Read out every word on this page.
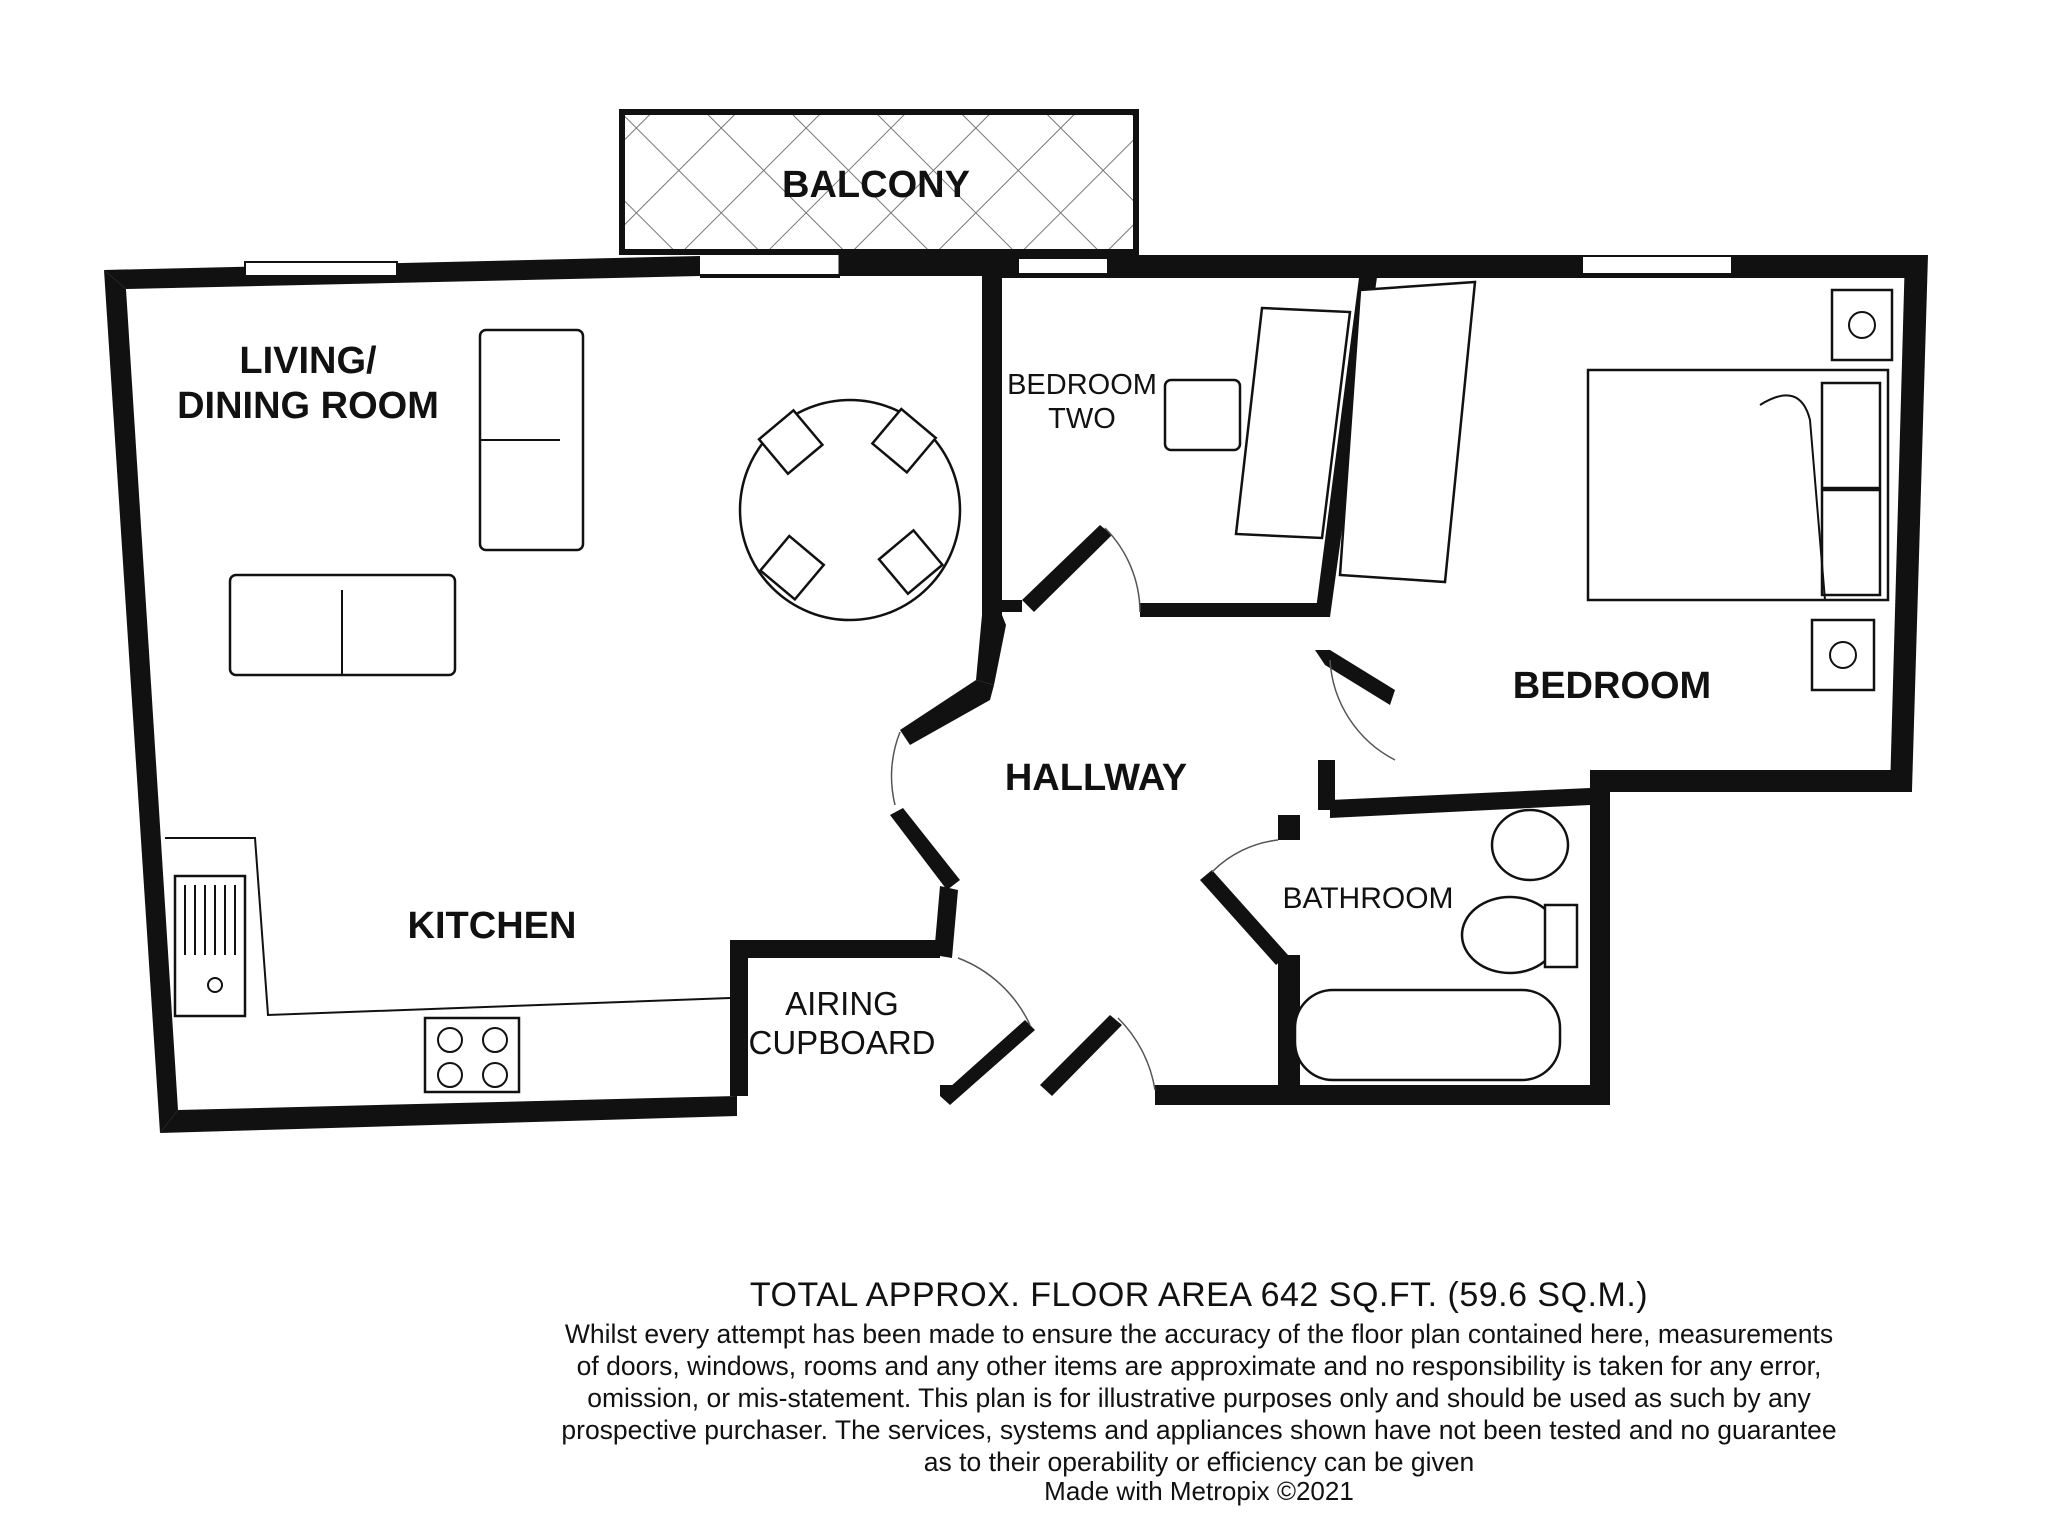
BALCONY
LIVING/
DINING ROOM	BEDROOM
TWO
BEDROOM
HALLWAY
KITCHEN
BATHROOM
AIRING
CUPBOARD
TOTAL APPROX. FLOOR AREA 642 SQ.FT. (59.6 SQ.M.)
Whilst every attempt has been made to ensure the accuracy of the floor plan contained here, measurements
of doors, windows, rooms and any other items are approximate and no responsibility is taken for any error,
omission, or mis-statement. This plan is for illustrative purposes only and should be used as such by any
prospective purchaser. The services, systems and appliances shown have not been tested and no guarantee
as to their operability or efficiency can be given
Made with Metropix ©2021
